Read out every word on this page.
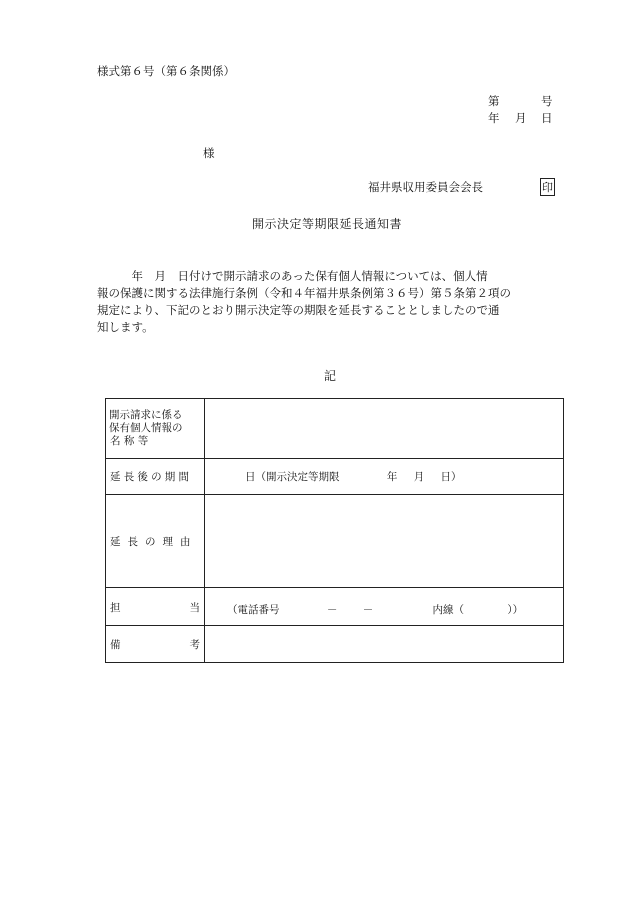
様式第６号（第６条関係）
第	号
年 月 日
様
福井県収用委員会会長	印
開示決定等期限延長通知書

　　　年　月　日付けで開示請求のあった保有個人情報については、個人情

報の保護に関する法律施行条例（令和４年福井県条例第３６号）第５条第２項の

規定により、下記のとおり開示決定等の期限を延長することとしましたので通

知します。

記
開示請求に係る
保有個人情報の
名 称 等	

延長後の期間	日（開示決定等期限 年 月 日）
延長の理由	

担 当	（電話番号 － － 内線（ ））

備 考	
